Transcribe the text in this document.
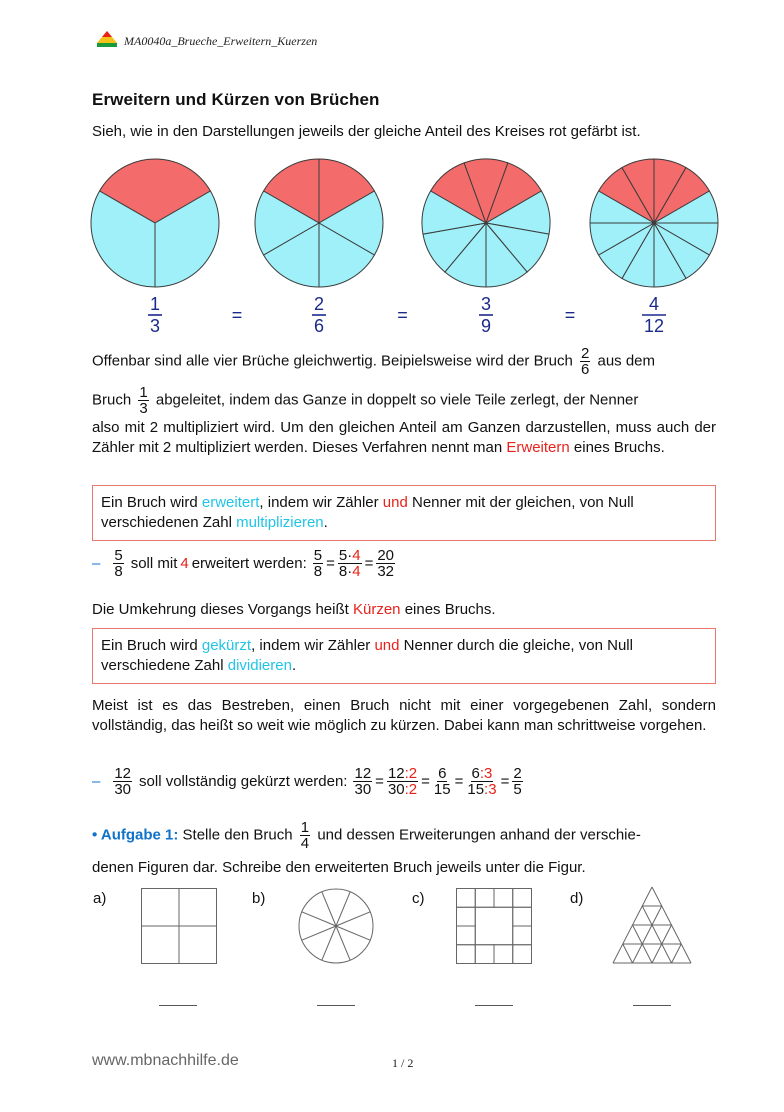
MA0040a_Brueche_Erweitern_Kuerzen
Erweitern und Kürzen von Brüchen
Sieh, wie in den Darstellungen jeweils der gleiche Anteil des Kreises rot gefärbt ist.
1
3
=
2
6
=
3
9
=
4
12
Offenbar sind alle vier Brüche gleichwertig. Beipielsweise wird der Bruch $\frac{2}{6}$ aus dem
Bruch $\frac{1}{3}$ abgeleitet, indem das Ganze in doppelt so viele Teile zerlegt, der Nenner
also mit 2 multipliziert wird. Um den gleichen Anteil am Ganzen darzustellen, muss auch der Zähler mit 2 multipliziert werden. Dieses Verfahren nennt man Erweitern eines Bruchs.
Ein Bruch wird erweitert, indem wir Zähler und Nenner mit der gleichen, von Null verschiedenen Zahl multiplizieren.
– $\frac{5}{8}$ soll mit 4 erweitert werden: $\frac{5}{8} = \frac{5\cdot 4}{8\cdot 4} = \frac{20}{32}$
Die Umkehrung dieses Vorgangs heißt Kürzen eines Bruchs.
Ein Bruch wird gekürzt, indem wir Zähler und Nenner durch die gleiche, von Null verschiedene Zahl dividieren.
Meist ist es das Bestreben, einen Bruch nicht mit einer vorgegebenen Zahl, sondern vollständig, das heißt so weit wie möglich zu kürzen. Dabei kann man schrittweise vorgehen.
– $\frac{12}{30}$ soll vollständig gekürzt werden: $\frac{12}{30} = \frac{12:2}{30:2} = \frac{6}{15} = \frac{6:3}{15:3} = \frac{2}{5}$
• Aufgabe 1: Stelle den Bruch $\frac{1}{4}$ und dessen Erweiterungen anhand der verschie-
denen Figuren dar. Schreibe den erweiterten Bruch jeweils unter die Figur.
a)	b)	c)	d)
www.mbnachhilfe.de	1 / 2
